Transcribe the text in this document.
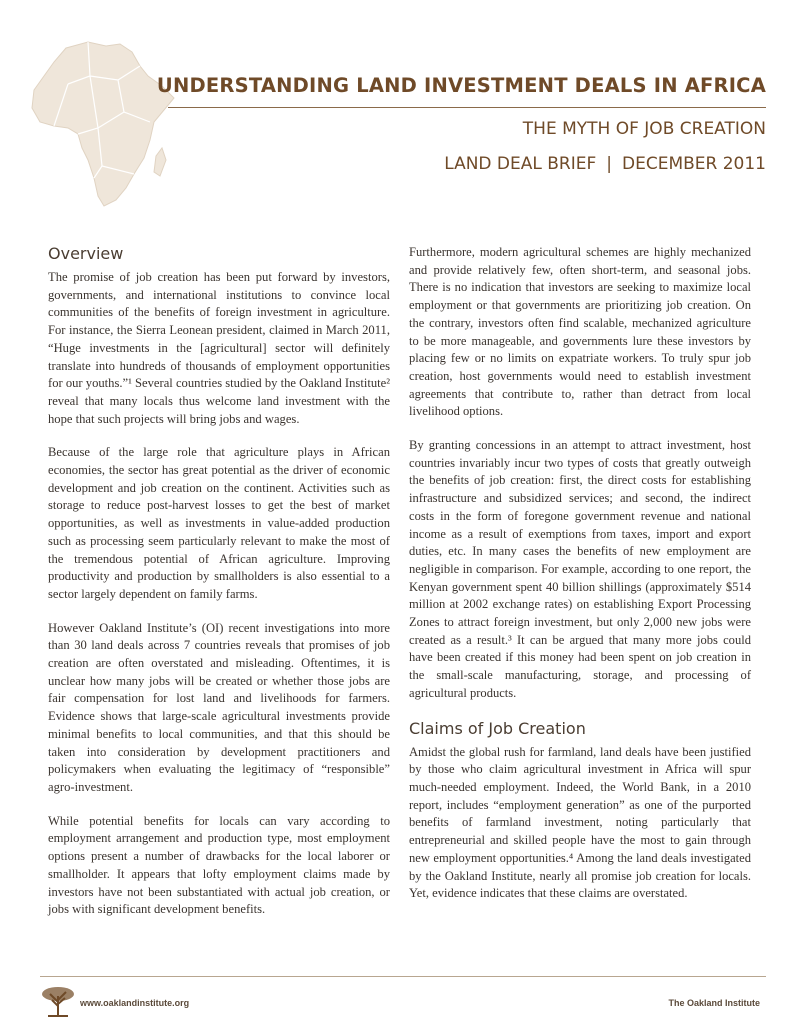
UNDERSTANDING LAND INVESTMENT DEALS IN AFRICA
THE MYTH OF JOB CREATION
LAND DEAL BRIEF | DECEMBER 2011
Overview

The promise of job creation has been put forward by investors, governments, and international institutions to convince local communities of the benefits of foreign investment in agriculture. For instance, the Sierra Leonean president, claimed in March 2011, “Huge investments in the [agricultural] sector will definitely translate into hundreds of thousands of employment opportunities for our youths.”¹ Several countries studied by the Oakland Institute² reveal that many locals thus welcome land investment with the hope that such projects will bring jobs and wages.

Because of the large role that agriculture plays in African economies, the sector has great potential as the driver of economic development and job creation on the continent. Activities such as storage to reduce post-harvest losses to get the best of market opportunities, as well as investments in value-added production such as processing seem particularly relevant to make the most of the tremendous potential of African agriculture. Improving productivity and production by smallholders is also essential to a sector largely dependent on family farms.

However Oakland Institute’s (OI) recent investigations into more than 30 land deals across 7 countries reveals that promises of job creation are often overstated and misleading. Oftentimes, it is unclear how many jobs will be created or whether those jobs are fair compensation for lost land and livelihoods for farmers. Evidence shows that large-scale agricultural investments provide minimal benefits to local communities, and that this should be taken into consideration by development practitioners and policymakers when evaluating the legitimacy of “responsible” agro-investment.

While potential benefits for locals can vary according to employment arrangement and production type, most employment options present a number of drawbacks for the local laborer or smallholder. It appears that lofty employment claims made by investors have not been substantiated with actual job creation, or jobs with significant development benefits.

Furthermore, modern agricultural schemes are highly mechanized and provide relatively few, often short-term, and seasonal jobs. There is no indication that investors are seeking to maximize local employment or that governments are prioritizing job creation. On the contrary, investors often find scalable, mechanized agriculture to be more manageable, and governments lure these investors by placing few or no limits on expatriate workers. To truly spur job creation, host governments would need to establish investment agreements that contribute to, rather than detract from local livelihood options.

By granting concessions in an attempt to attract investment, host countries invariably incur two types of costs that greatly outweigh the benefits of job creation: first, the direct costs for establishing infrastructure and subsidized services; and second, the indirect costs in the form of foregone government revenue and national income as a result of exemptions from taxes, import and export duties, etc. In many cases the benefits of new employment are negligible in comparison. For example, according to one report, the Kenyan government spent 40 billion shillings (approximately $514 million at 2002 exchange rates) on establishing Export Processing Zones to attract foreign investment, but only 2,000 new jobs were created as a result.³ It can be argued that many more jobs could have been created if this money had been spent on job creation in the small-scale manufacturing, storage, and processing of agricultural products.

Claims of Job Creation

Amidst the global rush for farmland, land deals have been justified by those who claim agricultural investment in Africa will spur much-needed employment. Indeed, the World Bank, in a 2010 report, includes “employment generation” as one of the purported benefits of farmland investment, noting particularly that entrepreneurial and skilled people have the most to gain through new employment opportunities.⁴ Among the land deals investigated by the Oakland Institute, nearly all promise job creation for locals. Yet, evidence indicates that these claims are overstated.

www.oaklandinstitute.org	The Oakland Institute
